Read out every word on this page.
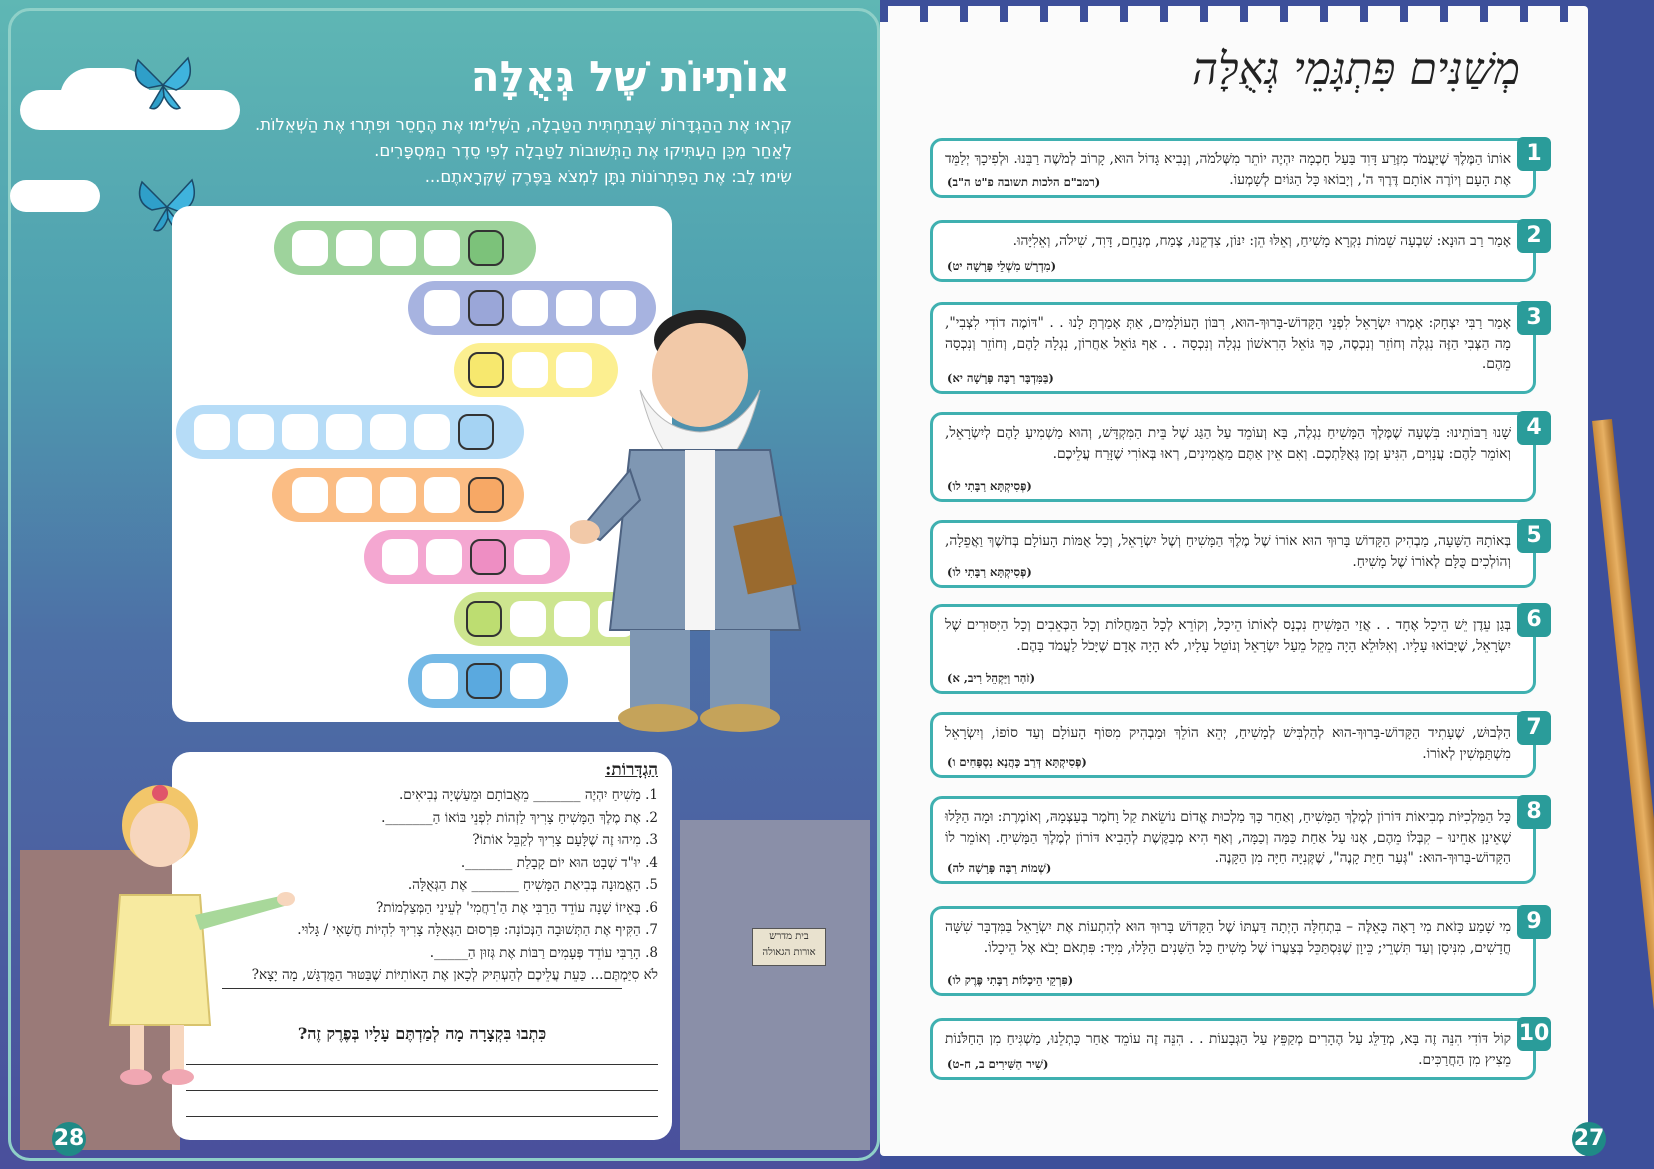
אוֹתִיּוֹת שֶׁל גְּאֻלָּה
קִרְאוּ אֶת הַהַגְדָּרוֹת שֶׁבְּתַחְתִּית הַטַּבְלָה, הַשְׁלִימוּ אֶת הֶחָסֵר וּפִתְרוּ אֶת הַשְּׁאֵלוֹת.
לְאַחַר מִכֵּן הַעְתִּיקוּ אֶת הַתְּשׁוּבוֹת לַטַּבְלָה לְפִי סֵדֶר הַמִּסְפָּרִים.
שִׂימוּ לֵב: אֶת הַפִּתְרוֹנוֹת נִתָּן לִמְצֹא בַּפֶּרֶק שֶׁקְּרָאתֶם...
בית מדרש
אורות הגאולה
הַגְדָּרוֹת:
1. מָשִׁיחַ יִהְיֶה _______ מֵאֲבוֹתָם וּמֵעַשְׁיָה נְבִיאִים.
2. אֶת מֶלֶךְ הַמָּשִׁיחַ צָרִיךְ לַזְהוֹת לִפְנֵי בּוֹאוֹ הַ_______.
3. מִיהוּ זֶה שֶׁלָּעָם צָרִיךְ לְקַבֵּל אוֹתוֹ?
4. יוּ"ד שְׁבָט הוּא יוֹם קָבָלַת _______.
5. הָאֱמוּנָה בְּבִיאַת הַמָּשִׁיחַ _______ אֶת הַגְּאֻלָּה.
6. בְּאֵיזוֹ שָׁנָה עוֹדֵד הַרַבִּי אֶת הַ'רַחֲמִי' לְעֵינֵי הַמְּצַלְמוֹת?
7. הַקִּיף אֶת הַתְּשׁוּבָה הַנְּכוֹנָה: פִּרְסוּם הַגְּאֻלָּה צָרִיךְ לִהְיוֹת חֲשָׁאִי / גָּלוּי.
8. הָרַבִּי עוֹדֵד פְּעָמִים רַבּוֹת אֶת גְּזוּן הַ_____.
לֹא סִיַּמְתֶּם... כַּעֵת עֲלֵיכֶם לְהַעְתִּיק לְכָאן אֶת הָאוֹתִיּוֹת שֶׁבַּטּוּר הַמֻּדְגָּשׁ, מָה יָצָא?
כִּתְבוּ בִּקְצָרָה מָה לְמַדְתֶּם עָלָיו בְּפֶרֶק זֶה?
28
מְשַׁנִּים פִּתְגָּמֵי גְּאֻלָּה
1
אוֹתוֹ הַמֶּלֶךְ שֶׁיַּעֲמֹד מִזֶּרַע דָּוִד בַּעַל חָכְמָה יִהְיֶה יוֹתֵר מִשְּׁלֹמֹה, וְנָבִיא גָּדוֹל הוּא, קָרוֹב לְמֹשֶׁה רַבֵּנוּ. וּלְפִיכָךְ יְלַמֵּד אֶת הָעָם וְיוֹרֶה אוֹתָם דֶּרֶךְ ה', וְיָבוֹאוּ כָּל הַגּוֹיִם לְשָׁמְעוֹ.
(רמב"ם הלכות תשובה פ"ט ה"ב)
2
אָמַר רַב הוּנָא: שִׁבְעָה שֵׁמוֹת נִקְרָא מָשִׁיחַ, וְאֵלּוּ הֵן: יִנּוֹן, צִדְקֵנוּ, צֶמַח, מְנַחֵם, דָּוִד, שִׁילֹה, וְאֵלִיָּהוּ.
(מִדְרָשׁ מִשְׁלֵי פָּרָשָׁה יט)
3
אָמַר רַבִּי יִצְחָק: אָמְרוּ יִשְׂרָאֵל לִפְנֵי הַקָּדוֹשׁ-בָּרוּךְ-הוּא, רִבּוֹן הָעוֹלָמִים, אַתְּ אָמַרְתָּ לָנוּ . . "דּוֹמֶה דוֹדִי לִצְבִי", מָה הַצְּבִי הַזֶּה נִגְלֶה וְחוֹזֵר וְנִכְסֶה, כָּךְ גּוֹאֵל הָרִאשׁוֹן נִגְלָה וְנִכְסָה . . אַף גּוֹאֵל אַחֲרוֹן, נִגְלָה לָהֶם, וְחוֹזֵר וְנִכְסָה מֵהֶם.
(בַּמִּדְבָּר רַבָּה פָּרָשָׁה יא)
4
שָׁנוּ רַבּוֹתֵינוּ: בִּשְׁעָה שֶׁמֶּלֶךְ הַמָּשִׁיחַ נִגְלֶה, בָּא וְעוֹמֵד עַל הַגַּג שֶׁל בֵּית הַמִּקְדָּשׁ, וְהוּא מַשְׁמִיעַ לָהֶם לְיִשְׂרָאֵל, וְאוֹמֵר לָהֶם: עֲנָוִים, הִגִּיעַ זְמַן גְּאֻלַּתְכֶם. וְאִם אֵין אַתֶּם מַאֲמִינִים, רְאוּ בְּאוֹרִי שֶׁזָּרַח עֲלֵיכֶם.
(פְּסִיקְתָּא רַבָּתִי לו)
5
בְּאוֹתָהּ הַשָּׁעָה, מַבְהִיק הַקָּדוֹשׁ בָּרוּךְ הוּא אוֹרוֹ שֶׁל מֶלֶךְ הַמָּשִׁיחַ וְשֶׁל יִשְׂרָאֵל, וְכָל אֻמּוֹת הָעוֹלָם בְּחֹשֶׁךְ וַאֲפֵלָה, וְהוֹלְכִים כֻּלָּם לְאוֹרוֹ שֶׁל מָשִׁיחַ.
(פְּסִיקְתָּא רַבָּתִי לו)
6
בְּגַן עֵדֶן יֵשׁ הֵיכָל אֶחָד . . אֲזַי הַמָּשִׁיחַ נִכְנָס לְאוֹתוֹ הֵיכָל, וְקוֹרֵא לְכָל הַמַּחֲלוֹת וְכָל הַכְּאֵבִים וְכָל הַיִּסּוּרִים שֶׁל יִשְׂרָאֵל, שֶׁיָּבוֹאוּ עָלָיו. וְאִלּוּלֵא הָיָה מֵקֵל מֵעַל יִשְׂרָאֵל וְנוֹטֵל עָלָיו, לֹא הָיָה אָדָם שֶׁיָּכֹל לַעֲמֹד בָּהֶם.
(זֹהַר וַיַּקְהֵל רִיב, א)
7
הַלְּבוּשׁ, שֶׁעָתִיד הַקָּדוֹשׁ-בָּרוּךְ-הוּא לְהַלְבִּישׁ לְמָשִׁיחַ, יְהֵא הוֹלֵךְ וּמַבְהִיק מִסּוֹף הָעוֹלָם וְעַד סוֹפוֹ, וְיִשְׂרָאֵל מִשְׁתַּמְּשִׁין לְאוֹרוֹ.
(פְּסִיקְתָּא דְּרַב כָּהֲנָא נִסְפָּחִים ו)
8
כָּל הַמַּלְכִיּוֹת מְבִיאוֹת דּוֹרוֹן לְמֶלֶךְ הַמָּשִׁיחַ, וְאַחַר כָּךְ מַלְכוּת אֱדוֹם נוֹשֵׂאת קַל וָחֹמֶר בְּעַצְמָהּ, וְאוֹמֶרֶת: וּמָה הַלָּלוּ שֶׁאֵינָן אַחֵינוּ – קִבְּלוֹ מֵהֶם, אָנוּ עַל אַחַת כַּמָּה וְכַמָּה, וְאַף הִיא מְבַקֶּשֶׁת לְהָבִיא דּוֹרוֹן לְמֶלֶךְ הַמָּשִׁיחַ. וְאוֹמֵר לוֹ הַקָּדוֹשׁ-בָּרוּךְ-הוּא: "גְּעַר חַיַּת קָנֶה", שֶׁקְּנִיָּה חַיָּה מִן הַקָּנֶה.
(שְׁמוֹת רַבָּה פָּרָשָׁה לה)
9
מִי שָׁמַע כָּזֹאת מִי רָאָה כָּאֵלֶּה – בִּתְחִלָּה הָיְתָה דַּעְתּוֹ שֶׁל הַקָּדוֹשׁ בָּרוּךְ הוּא לְהִתְעוֹת אֶת יִשְׂרָאֵל בַּמִּדְבָּר שִׁשָּׁה חֳדָשִׁים, מִנִּיסָן וְעַד תִּשְׁרֵי; כֵּיוָן שֶׁנִּסְתַּכֵּל בְּצַעֲרוֹ שֶׁל מָשִׁיחַ כָּל הַשָּׁנִים הַלָּלוּ, מִיָּד: פִּתְאֹם יָבֹא אֶל הֵיכָלוֹ.
(פִּרְקֵי הֵיכָלוֹת רַבָּתִי פֶּרֶק לו)
10
קוֹל דּוֹדִי הִנֵּה זֶה בָּא, מְדַלֵּג עַל הֶהָרִים מְקַפֵּץ עַל הַגְּבָעוֹת . . הִנֵּה זֶה עוֹמֵד אַחַר כָּתְלֵנוּ, מַשְׁגִּיחַ מִן הַחַלֹּנוֹת מֵצִיץ מִן הַחֲרַכִּים.
(שִׁיר הַשִּׁירִים ב, ח-ט)
27
